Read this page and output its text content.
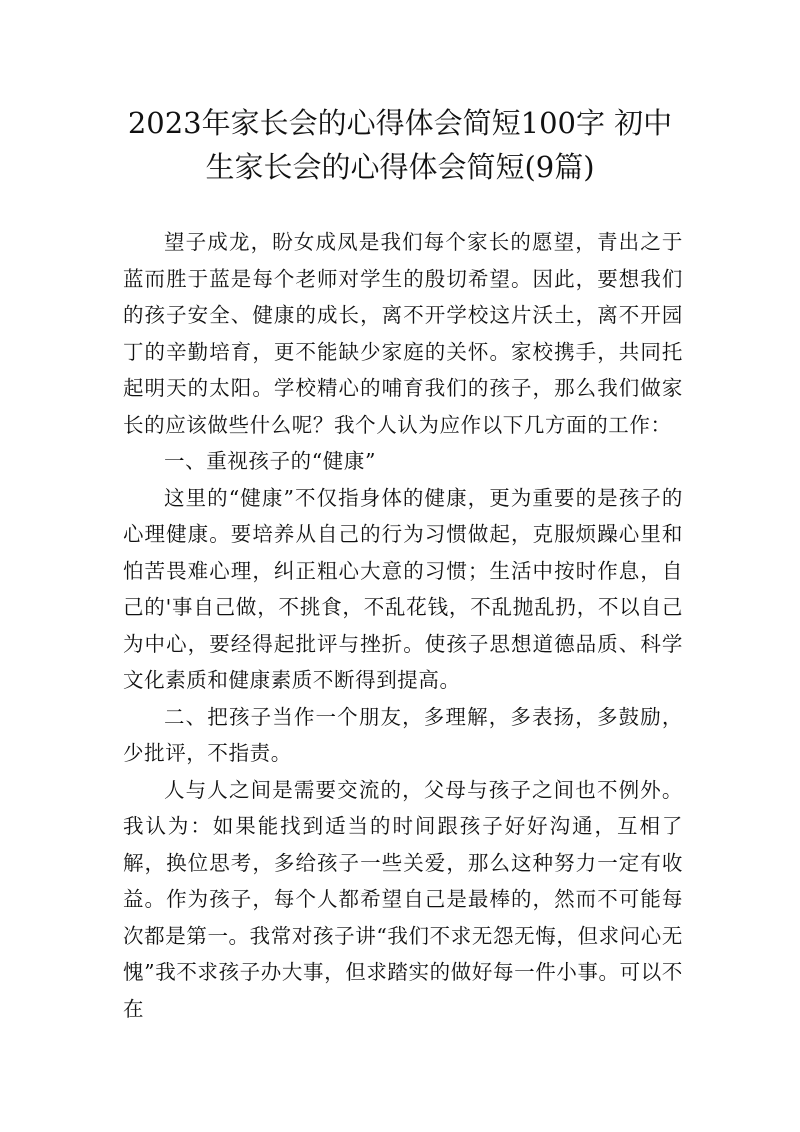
2023年家长会的心得体会简短100字 初中
生家长会的心得体会简短(9篇)

望子成龙，盼女成凤是我们每个家长的愿望，青出之于蓝而胜于蓝是每个老师对学生的殷切希望。因此，要想我们的孩子安全、健康的成长，离不开学校这片沃土，离不开园丁的辛勤培育，更不能缺少家庭的关怀。家校携手，共同托起明天的太阳。学校精心的哺育我们的孩子，那么我们做家长的应该做些什么呢？我个人认为应作以下几方面的工作：

一、重视孩子的“健康”

这里的“健康”不仅指身体的健康，更为重要的是孩子的心理健康。要培养从自己的行为习惯做起，克服烦躁心里和怕苦畏难心理，纠正粗心大意的习惯；生活中按时作息，自己的'事自己做，不挑食，不乱花钱，不乱抛乱扔，不以自己为中心，要经得起批评与挫折。使孩子思想道德品质、科学文化素质和健康素质不断得到提高。

二、把孩子当作一个朋友，多理解，多表扬，多鼓励，少批评，不指责。

人与人之间是需要交流的，父母与孩子之间也不例外。我认为：如果能找到适当的时间跟孩子好好沟通，互相了解，换位思考，多给孩子一些关爱，那么这种努力一定有收益。作为孩子，每个人都希望自己是最棒的，然而不可能每次都是第一。我常对孩子讲“我们不求无怨无悔，但求问心无愧”我不求孩子办大事，但求踏实的做好每一件小事。可以不在
